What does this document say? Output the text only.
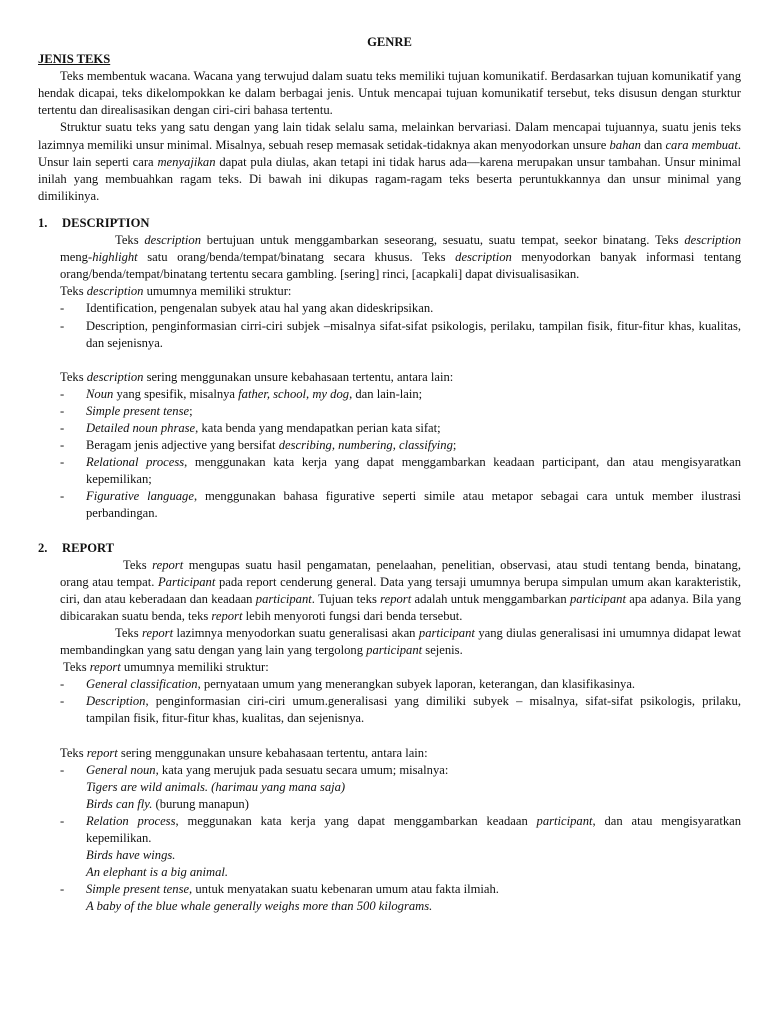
GENRE
JENIS TEKS

Teks membentuk wacana. Wacana yang terwujud dalam suatu teks memiliki tujuan komunikatif. Berdasarkan tujuan komunikatif yang hendak dicapai, teks dikelompokkan ke dalam berbagai jenis. Untuk mencapai tujuan komunikatif tersebut, teks disusun dengan sturktur tertentu dan direalisasikan dengan ciri-ciri bahasa tertentu.

Struktur suatu teks yang satu dengan yang lain tidak selalu sama, melainkan bervariasi. Dalam mencapai tujuannya, suatu jenis teks lazimnya memiliki unsur minimal. Misalnya, sebuah resep memasak setidak-tidaknya akan menyodorkan unsure bahan dan cara membuat. Unsur lain seperti cara menyajikan dapat pula diulas, akan tetapi ini tidak harus ada—karena merupakan unsur tambahan. Unsur minimal inilah yang membuahkan ragam teks. Di bawah ini dikupas ragam-ragam teks beserta peruntukkannya dan unsur minimal yang dimilikinya.

1.	DESCRIPTION

Teks description bertujuan untuk menggambarkan seseorang, sesuatu, suatu tempat, seekor binatang. Teks description meng-highlight satu orang/benda/tempat/binatang secara khusus. Teks description menyodorkan banyak informasi tentang orang/benda/tempat/binatang tertentu secara gambling. [sering] rinci, [acapkali] dapat divisualisasikan.

Teks description umumnya memiliki struktur:

- Identification, pengenalan subyek atau hal yang akan dideskripsikan.
- Description, penginformasian cirri-ciri subjek –misalnya sifat-sifat psikologis, perilaku, tampilan fisik, fitur-fitur khas, kualitas, dan sejenisnya.

Teks description sering menggunakan unsure kebahasaan tertentu, antara lain:

- Noun yang spesifik, misalnya father, school, my dog, dan lain-lain;
- Simple present tense;
- Detailed noun phrase, kata benda yang mendapatkan perian kata sifat;
- Beragam jenis adjective yang bersifat describing, numbering, classifying;
- Relational process, menggunakan kata kerja yang dapat menggambarkan keadaan participant, dan atau mengisyaratkan kepemilikan;
- Figurative language, menggunakan bahasa figurative seperti simile atau metapor sebagai cara untuk member ilustrasi perbandingan.
2.	REPORT

Teks report mengupas suatu hasil pengamatan, penelaahan, penelitian, observasi, atau studi tentang benda, binatang, orang atau tempat. Participant pada report cenderung general. Data yang tersaji umumnya berupa simpulan umum akan karakteristik, ciri, dan atau keberadaan dan keadaan participant. Tujuan teks report adalah untuk menggambarkan participant apa adanya. Bila yang dibicarakan suatu benda, teks report lebih menyoroti fungsi dari benda tersebut.

Teks report lazimnya menyodorkan suatu generalisasi akan participant yang diulas generalisasi ini umumnya didapat lewat membandingkan yang satu dengan yang lain yang tergolong participant sejenis.

Teks report umumnya memiliki struktur:

- General classification, pernyataan umum yang menerangkan subyek laporan, keterangan, dan klasifikasinya.
- Description, penginformasian ciri-ciri umum.generalisasi yang dimiliki subyek – misalnya, sifat-sifat psikologis, prilaku, tampilan fisik, fitur-fitur khas, kualitas, dan sejenisnya.

Teks report sering menggunakan unsure kebahasaan tertentu, antara lain:

- General noun, kata yang merujuk pada sesuatu secara umum; misalnya:
Tigers are wild animals. (harimau yang mana saja)
Birds can fly. (burung manapun)
- Relation process, meggunakan kata kerja yang dapat menggambarkan keadaan participant, dan atau mengisyaratkan kepemilikan.
Birds have wings.
An elephant is a big animal.
- Simple present tense, untuk menyatakan suatu kebenaran umum atau fakta ilmiah.
A baby of the blue whale generally weighs more than 500 kilograms.
